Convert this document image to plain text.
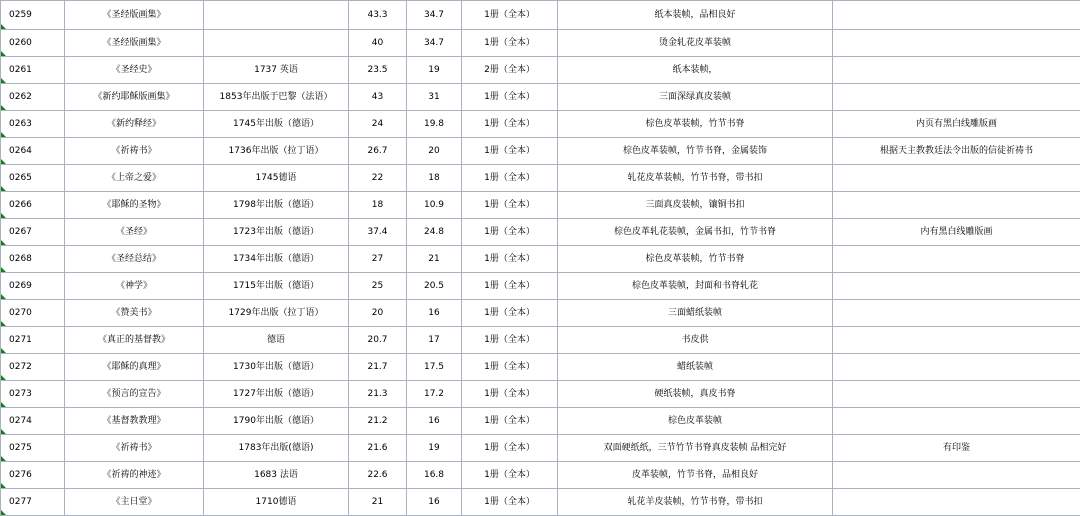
0259	《圣经版画集》		43.3	34.7	1册（全本）	纸本装帧，品相良好	
0260	《圣经版画集》		40	34.7	1册（全本）	烫金轧花皮革装帧	
0261	《圣经史》	1737 英语	23.5	19	2册（全本）	纸本装帧，	
0262	《新约耶稣版画集》	1853年出版于巴黎（法语）	43	31	1册（全本）	三面深绿真皮装帧	
0263	《新约释经》	1745年出版（德语）	24	19.8	1册（全本）	棕色皮革装帧，竹节书脊	内页有黑白线雕版画
0264	《祈祷书》	1736年出版（拉丁语）	26.7	20	1册（全本）	棕色皮革装帧，竹节书脊，金属装饰	根据天主教教廷法令出版的信徒祈祷书
0265	《上帝之爱》	1745德语	22	18	1册（全本）	轧花皮革装帧，竹节书脊，带书扣	
0266	《耶稣的圣物》	1798年出版（德语）	18	10.9	1册（全本）	三面真皮装帧，镶铜书扣	
0267	《圣经》	1723年出版（德语）	37.4	24.8	1册（全本）	棕色皮革轧花装帧，金属书扣，竹节书脊	内有黑白线雕版画
0268	《圣经总结》	1734年出版（德语）	27	21	1册（全本）	棕色皮革装帧，竹节书脊	
0269	《神学》	1715年出版（德语）	25	20.5	1册（全本）	棕色皮革装帧，封面和书脊轧花	
0270	《赞美书》	1729年出版（拉丁语）	20	16	1册（全本）	三面蜡纸装帧	
0271	《真正的基督教》	德语	20.7	17	1册（全本）	书皮供	
0272	《耶稣的真理》	1730年出版（德语）	21.7	17.5	1册（全本）	蜡纸装帧	
0273	《预言的宣告》	1727年出版（德语）	21.3	17.2	1册（全本）	硬纸装帧，真皮书脊	
0274	《基督教教理》	1790年出版（德语）	21.2	16	1册（全本）	棕色皮革装帧	
0275	《祈祷书》	1783年出版(德语)	21.6	19	1册（全本）	双面硬纸纸，三节竹节书脊真皮装帧 品相完好	有印鉴
0276	《祈祷的神迹》	1683 法语	22.6	16.8	1册（全本）	皮革装帧，竹节书脊，品相良好	
0277	《主日堂》	1710德语	21	16	1册（全本）	轧花羊皮装帧，竹节书脊，带书扣	
